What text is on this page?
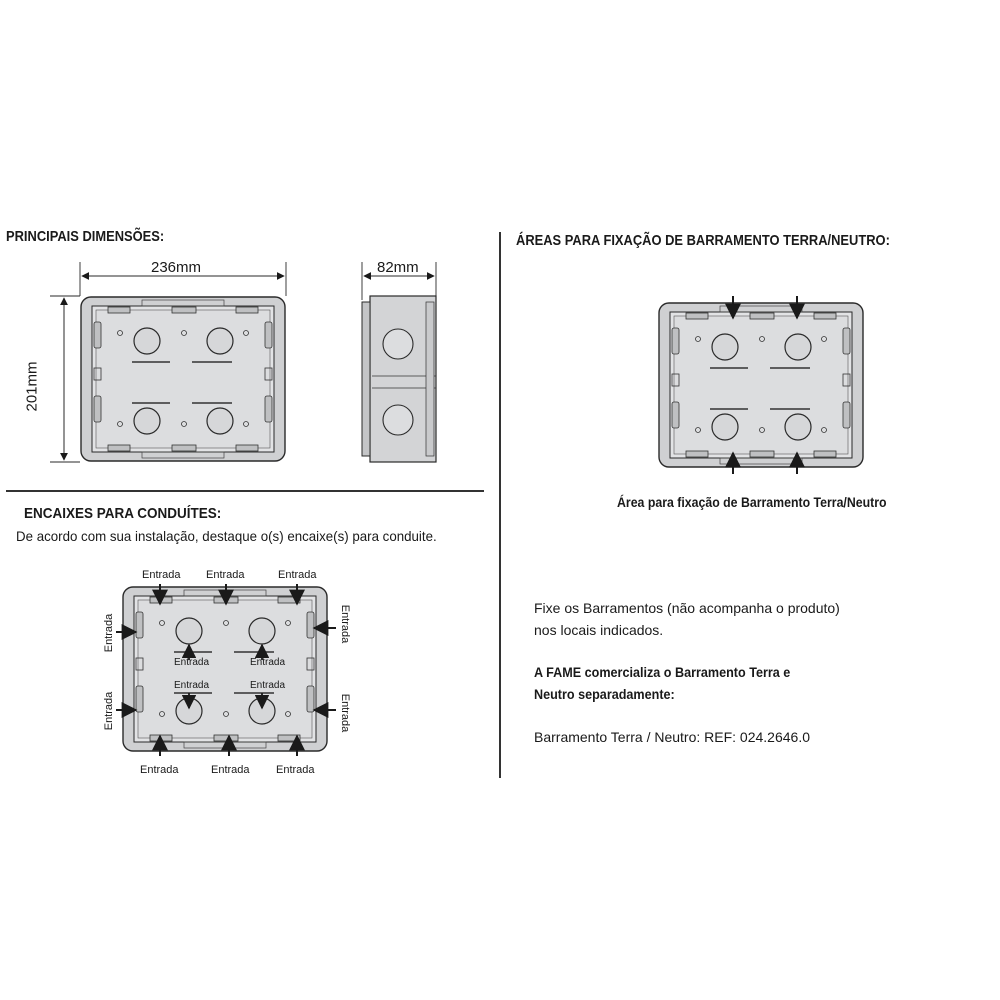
PRINCIPAIS DIMENSÕES:	ÁREAS PARA FIXAÇÃO DE BARRAMENTO TERRA/NEUTRO:
ENCAIXES PARA CONDUÍTES:
De acordo com sua instalação, destaque o(s) encaixe(s) para conduite.
Área para fixação de Barramento Terra/Neutro
Fixe os Barramentos (não acompanha o produto)
nos locais indicados.
A FAME comercializa o Barramento Terra e
Neutro separadamente:
Barramento Terra / Neutro: REF: 024.2646.0
236mm	82mm
201mm
Entrada Entrada	Entrada
Entrada	Entrada Entrada
Entrada	Entrada
Entrada	Entrada
Entrada
Entrada
Entrada
Entrada
